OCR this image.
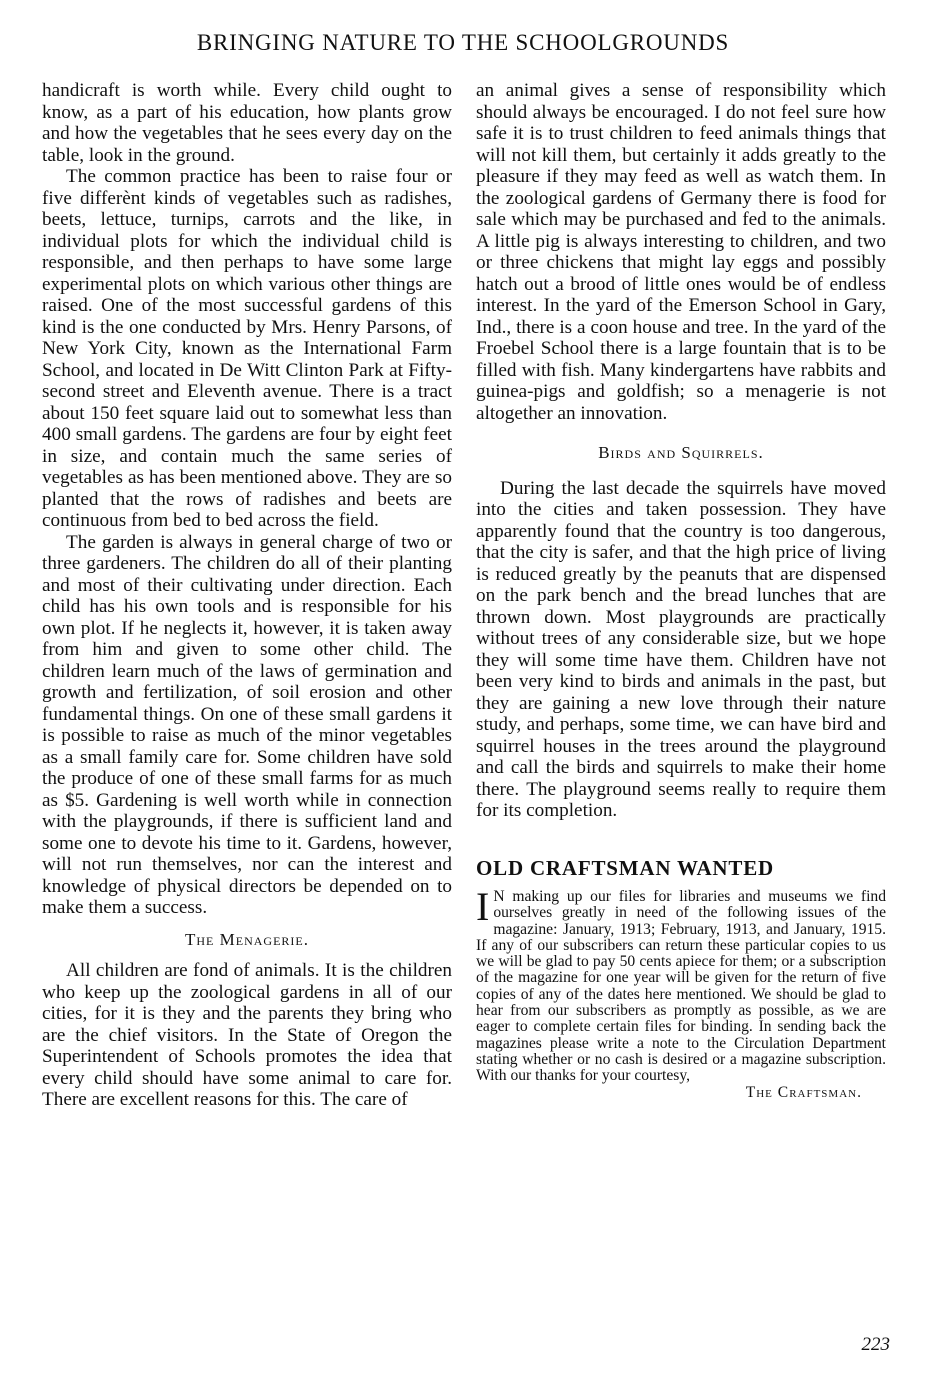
BRINGING NATURE TO THE SCHOOLGROUNDS

handicraft is worth while. Every child ought to know, as a part of his education, how plants grow and how the vegetables that he sees every day on the table, look in the ground.

The common practice has been to raise four or five differènt kinds of vegetables such as radishes, beets, lettuce, turnips, carrots and the like, in individual plots for which the individual child is responsible, and then perhaps to have some large experimental plots on which various other things are raised. One of the most successful gardens of this kind is the one conducted by Mrs. Henry Parsons, of New York City, known as the International Farm School, and located in De Witt Clinton Park at Fifty-second street and Eleventh avenue. There is a tract about 150 feet square laid out to somewhat less than 400 small gardens. The gardens are four by eight feet in size, and contain much the same series of vegetables as has been mentioned above. They are so planted that the rows of radishes and beets are continuous from bed to bed across the field.

The garden is always in general charge of two or three gardeners. The children do all of their planting and most of their cultivating under direction. Each child has his own tools and is responsible for his own plot. If he neglects it, however, it is taken away from him and given to some other child. The children learn much of the laws of germination and growth and fertilization, of soil erosion and other fundamental things. On one of these small gardens it is possible to raise as much of the minor vegetables as a small family care for. Some children have sold the produce of one of these small farms for as much as $5. Gardening is well worth while in connection with the playgrounds, if there is sufficient land and some one to devote his time to it. Gardens, however, will not run themselves, nor can the interest and knowledge of physical directors be depended on to make them a success.

The Menagerie.

All children are fond of animals. It is the children who keep up the zoological gardens in all of our cities, for it is they and the parents they bring who are the chief visitors. In the State of Oregon the Superintendent of Schools promotes the idea that every child should have some animal to care for. There are excellent reasons for this. The care of

an animal gives a sense of responsibility which should always be encouraged. I do not feel sure how safe it is to trust children to feed animals things that will not kill them, but certainly it adds greatly to the pleasure if they may feed as well as watch them. In the zoological gardens of Germany there is food for sale which may be purchased and fed to the animals. A little pig is always interesting to children, and two or three chickens that might lay eggs and possibly hatch out a brood of little ones would be of endless interest. In the yard of the Emerson School in Gary, Ind., there is a coon house and tree. In the yard of the Froebel School there is a large fountain that is to be filled with fish. Many kindergartens have rabbits and guinea-pigs and goldfish; so a menagerie is not altogether an innovation.

Birds and Squirrels.

During the last decade the squirrels have moved into the cities and taken possession. They have apparently found that the country is too dangerous, that the city is safer, and that the high price of living is reduced greatly by the peanuts that are dispensed on the park bench and the bread lunches that are thrown down. Most playgrounds are practically without trees of any considerable size, but we hope they will some time have them. Children have not been very kind to birds and animals in the past, but they are gaining a new love through their nature study, and perhaps, some time, we can have bird and squirrel houses in the trees around the playground and call the birds and squirrels to make their home there. The playground seems really to require them for its completion.

OLD CRAFTSMAN WANTED

I N making up our files for libraries and museums we find ourselves greatly in need of the following issues of the magazine: January, 1913; February, 1913, and January, 1915. If any of our subscribers can return these particular copies to us we will be glad to pay 50 cents apiece for them; or a subscription of the magazine for one year will be given for the return of five copies of any of the dates here mentioned. We should be glad to hear from our subscribers as promptly as possible, as we are eager to complete certain files for binding. In sending back the magazines please write a note to the Circulation Department stating whether or no cash is desired or a magazine subscription. With our thanks for your courtesy,

The Craftsman.
223
